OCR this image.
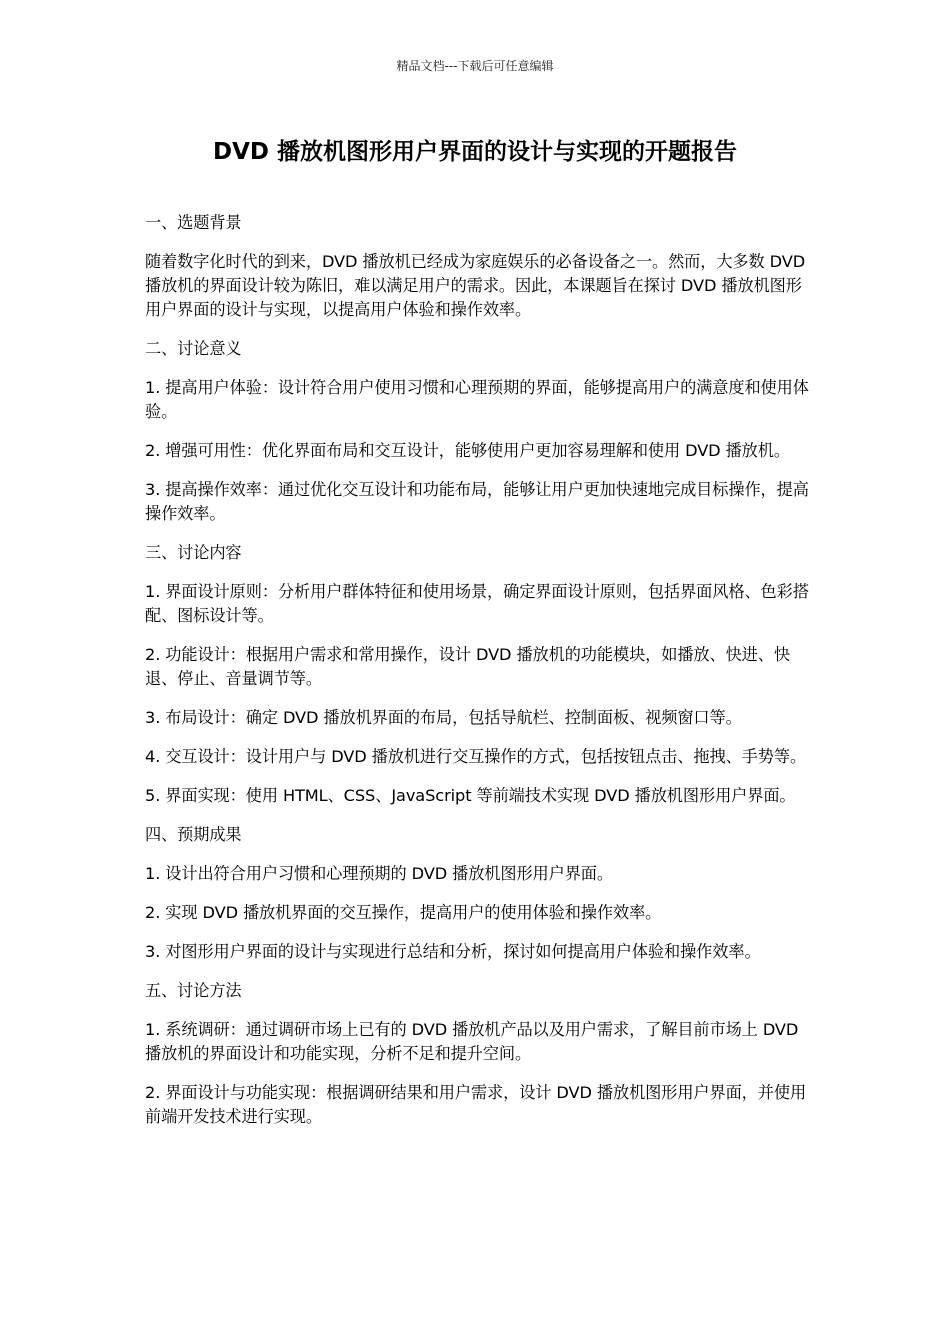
精品文档---下载后可任意编辑
DVD 播放机图形用户界面的设计与实现的开题报告

一、选题背景

随着数字化时代的到来，DVD 播放机已经成为家庭娱乐的必备设备之一。然而，大多数 DVD 播放机的界面设计较为陈旧，难以满足用户的需求。因此，本课题旨在探讨 DVD 播放机图形用户界面的设计与实现，以提高用户体验和操作效率。

二、讨论意义

1. 提高用户体验：设计符合用户使用习惯和心理预期的界面，能够提高用户的满意度和使用体验。

2. 增强可用性：优化界面布局和交互设计，能够使用户更加容易理解和使用 DVD 播放机。

3. 提高操作效率：通过优化交互设计和功能布局，能够让用户更加快速地完成目标操作，提高操作效率。

三、讨论内容

1. 界面设计原则：分析用户群体特征和使用场景，确定界面设计原则，包括界面风格、色彩搭配、图标设计等。

2. 功能设计：根据用户需求和常用操作，设计 DVD 播放机的功能模块，如播放、快进、快退、停止、音量调节等。

3. 布局设计：确定 DVD 播放机界面的布局，包括导航栏、控制面板、视频窗口等。

4. 交互设计：设计用户与 DVD 播放机进行交互操作的方式，包括按钮点击、拖拽、手势等。

5. 界面实现：使用 HTML、CSS、JavaScript 等前端技术实现 DVD 播放机图形用户界面。

四、预期成果

1. 设计出符合用户习惯和心理预期的 DVD 播放机图形用户界面。

2. 实现 DVD 播放机界面的交互操作，提高用户的使用体验和操作效率。

3. 对图形用户界面的设计与实现进行总结和分析，探讨如何提高用户体验和操作效率。

五、讨论方法

1. 系统调研：通过调研市场上已有的 DVD 播放机产品以及用户需求，了解目前市场上 DVD 播放机的界面设计和功能实现，分析不足和提升空间。

2. 界面设计与功能实现：根据调研结果和用户需求，设计 DVD 播放机图形用户界面，并使用前端开发技术进行实现。
